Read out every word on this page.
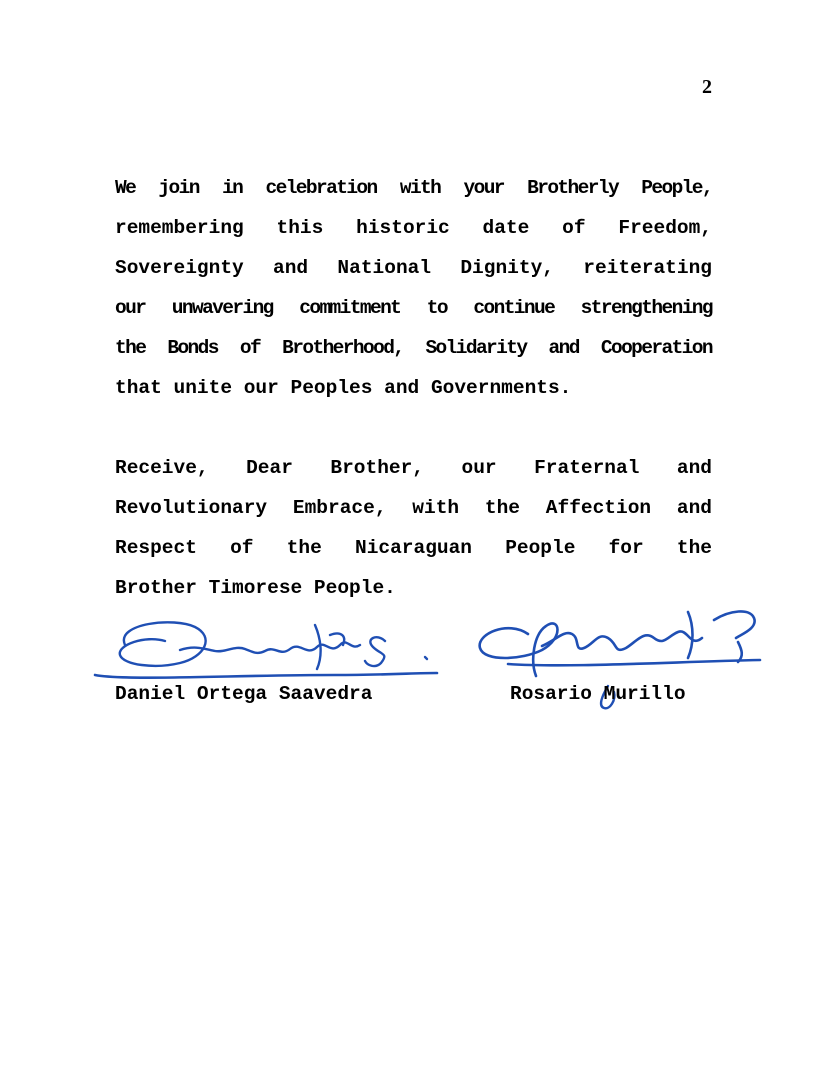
2
We join in celebration with your Brotherly People,
remembering this historic date of Freedom,
Sovereignty and National Dignity, reiterating
our unwavering commitment to continue strengthening
the Bonds of Brotherhood, Solidarity and Cooperation
that unite our Peoples and Governments.
Receive, Dear Brother, our Fraternal and
Revolutionary Embrace, with the Affection and
Respect of the Nicaraguan People for the
Brother Timorese People.
Daniel Ortega Saavedra	Rosario Murillo
